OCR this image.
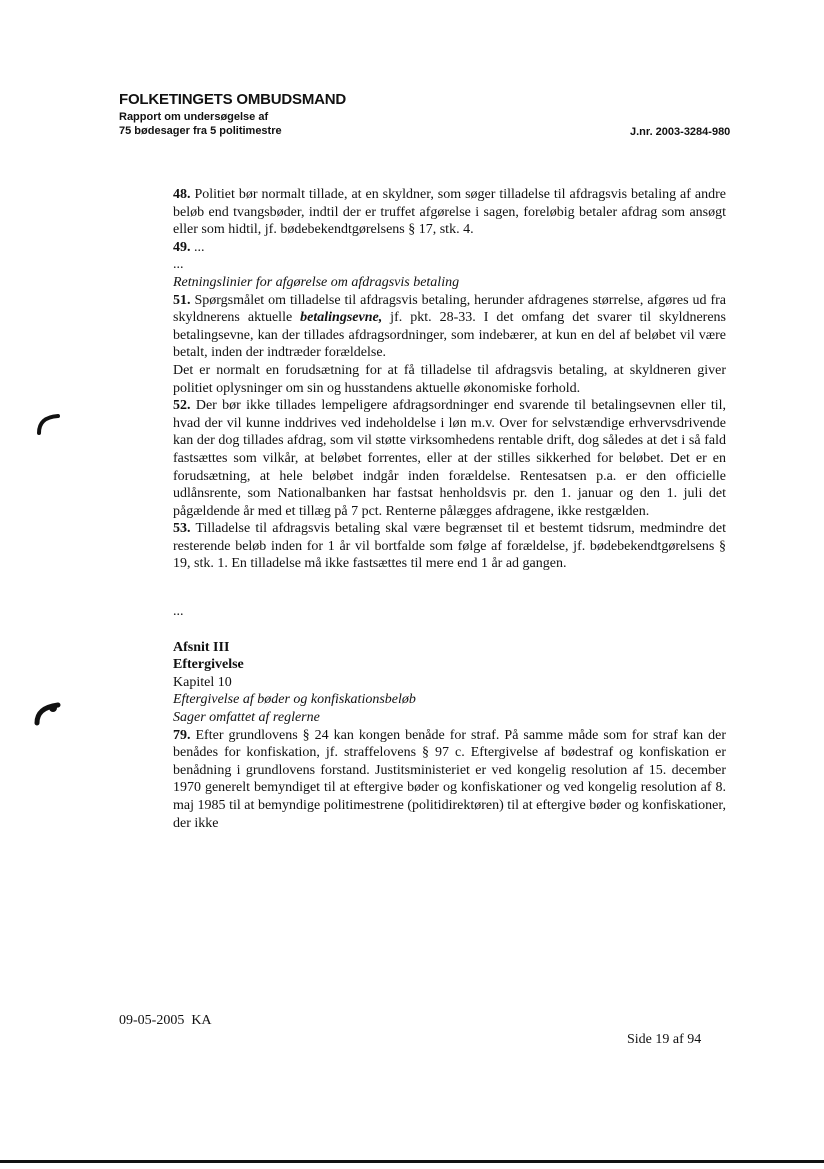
FOLKETINGETS OMBUDSMAND
Rapport om undersøgelse af
75 bødesager fra 5 politimestre	J.nr. 2003-3284-980

48. Politiet bør normalt tillade, at en skyldner, som søger tilladelse til afdragsvis betaling af andre beløb end tvangsbøder, indtil der er truffet afgørelse i sagen, foreløbig betaler afdrag som ansøgt eller som hidtil, jf. bødebekendtgørelsens § 17, stk. 4.

49. ...

...

Retningslinier for afgørelse om afdragsvis betaling

51. Spørgsmålet om tilladelse til afdragsvis betaling, herunder afdragenes størrelse, afgøres ud fra skyldnerens aktuelle betalingsevne, jf. pkt. 28-33. I det omfang det svarer til skyldnerens betalingsevne, kan der tillades afdragsordninger, som indebærer, at kun en del af beløbet vil være betalt, inden der indtræder forældelse.

Det er normalt en forudsætning for at få tilladelse til afdragsvis betaling, at skyldneren giver politiet oplysninger om sin og husstandens aktuelle økonomiske forhold.

52. Der bør ikke tillades lempeligere afdragsordninger end svarende til betalingsevnen eller til, hvad der vil kunne inddrives ved indeholdelse i løn m.v. Over for selvstændige erhvervsdrivende kan der dog tillades afdrag, som vil støtte virksomhedens rentable drift, dog således at det i så fald fastsættes som vilkår, at beløbet forrentes, eller at der stilles sikkerhed for beløbet. Det er en forudsætning, at hele beløbet indgår inden forældelse. Rentesatsen p.a. er den officielle udlånsrente, som Nationalbanken har fastsat henholdsvis pr. den 1. januar og den 1. juli det pågældende år med et tillæg på 7 pct. Renterne pålægges afdragene, ikke restgælden.

53. Tilladelse til afdragsvis betaling skal være begrænset til et bestemt tidsrum, medmindre det resterende beløb inden for 1 år vil bortfalde som følge af forældelse, jf. bødebekendtgørelsens § 19, stk. 1. En tilladelse må ikke fastsættes til mere end 1 år ad gangen.

...

Afsnit III

Eftergivelse

Kapitel 10

Eftergivelse af bøder og konfiskationsbeløb

Sager omfattet af reglerne

79. Efter grundlovens § 24 kan kongen benåde for straf. På samme måde som for straf kan der benådes for konfiskation, jf. straffelovens § 97 c. Eftergivelse af bødestraf og konfiskation er benådning i grundlovens forstand. Justitsministeriet er ved kongelig resolution af 15. december 1970 generelt bemyndiget til at eftergive bøder og konfiskationer og ved kongelig resolution af 8. maj 1985 til at bemyndige politimestrene (politidirektøren) til at eftergive bøder og konfiskationer, der ikke

09-05-2005  KA
Side 19 af 94
